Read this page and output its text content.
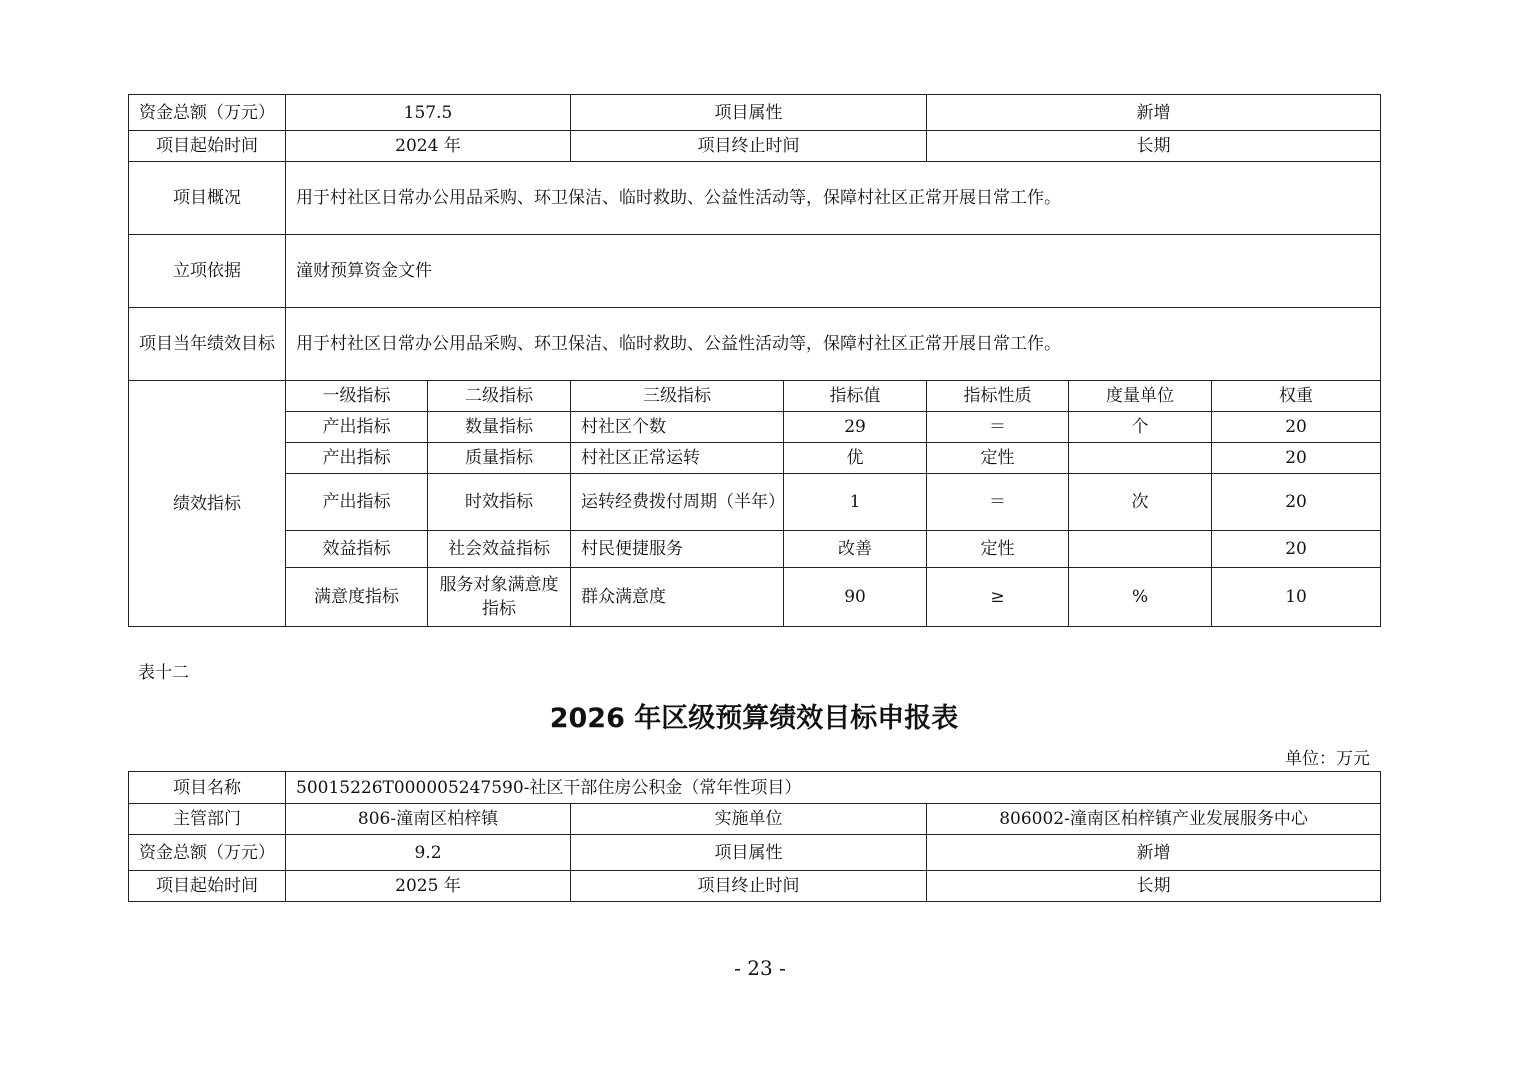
资金总额（万元）	157.5		项目属性		新增		
项目起始时间	2024 年		项目终止时间		长期		
项目概况	用于村社区日常办公用品采购、环卫保洁、临时救助、公益性活动等，保障村社区正常开展日常工作。						
立项依据	潼财预算资金文件						
项目当年绩效目标	用于村社区日常办公用品采购、环卫保洁、临时救助、公益性活动等，保障村社区正常开展日常工作。						
绩效指标	一级指标	二级指标	三级指标	指标值	指标性质	度量单位	权重
	产出指标	数量指标	村社区个数	29	＝	个	20
	产出指标	质量指标	村社区正常运转	优	定性		20
	产出指标	时效指标	运转经费拨付周期（半年）	1	＝	次	20
	效益指标	社会效益指标	村民便捷服务	改善	定性		20
	满意度指标	服务对象满意度指标	群众满意度	90	≥	%	10
表十二
2026 年区级预算绩效目标申报表
单位：万元
项目名称	50015226T000005247590-社区干部住房公积金（常年性项目）		
主管部门	806-潼南区柏梓镇	实施单位	806002-潼南区柏梓镇产业发展服务中心
资金总额（万元）	9.2	项目属性	新增
项目起始时间	2025 年	项目终止时间	长期
- 23 -
